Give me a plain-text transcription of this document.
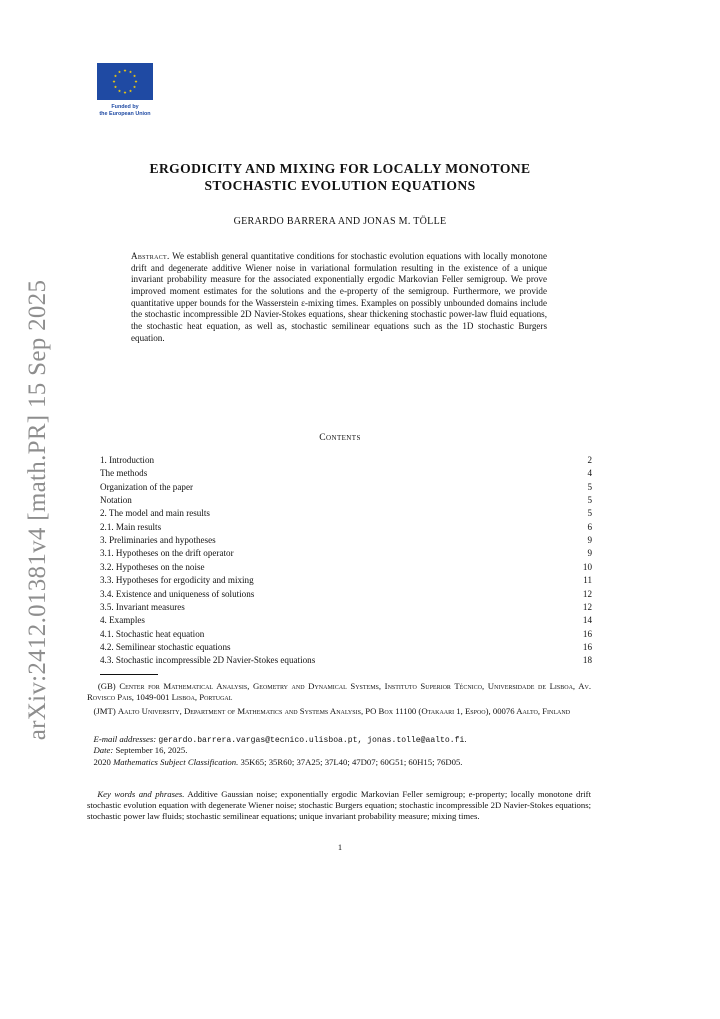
Funded by
the European Union
arXiv:2412.01381v4 [math.PR] 15 Sep 2025
ERGODICITY AND MIXING FOR LOCALLY MONOTONE
STOCHASTIC EVOLUTION EQUATIONS
GERARDO BARRERA AND JONAS M. TÖLLE
Abstract. We establish general quantitative conditions for stochastic evolution equations with locally monotone drift and degenerate additive Wiener noise in variational formulation resulting in the existence of a unique invariant probability measure for the associated exponentially ergodic Markovian Feller semigroup. We prove improved moment estimates for the solutions and the e-property of the semigroup. Furthermore, we provide quantitative upper bounds for the Wasserstein ε-mixing times. Examples on possibly unbounded domains include the stochastic incompressible 2D Navier-Stokes equations, shear thickening stochastic power-law fluid equations, the stochastic heat equation, as well as, stochastic semilinear equations such as the 1D stochastic Burgers equation.
Contents
1. Introduction	2
The methods	4
Organization of the paper	5
Notation	5
2. The model and main results	5
2.1. Main results	6
3. Preliminaries and hypotheses	9
3.1. Hypotheses on the drift operator	9
3.2. Hypotheses on the noise	10
3.3. Hypotheses for ergodicity and mixing	11
3.4. Existence and uniqueness of solutions	12
3.5. Invariant measures	12
4. Examples	14
4.1. Stochastic heat equation	16
4.2. Semilinear stochastic equations	16
4.3. Stochastic incompressible 2D Navier-Stokes equations	18
(GB) Center for Mathematical Analysis, Geometry and Dynamical Systems, Instituto Superior Técnico, Universidade de Lisboa, Av. Rovisco Pais, 1049-001 Lisboa, Portugal
(JMT) Aalto University, Department of Mathematics and Systems Analysis, PO Box 11100 (Otakaari 1, Espoo), 00076 Aalto, Finland
E-mail addresses: gerardo.barrera.vargas@tecnico.ulisboa.pt, jonas.tolle@aalto.fi.
Date: September 16, 2025.
2020 Mathematics Subject Classification. 35K65; 35R60; 37A25; 37L40; 47D07; 60G51; 60H15; 76D05.
Key words and phrases. Additive Gaussian noise; exponentially ergodic Markovian Feller semigroup; e-property; locally monotone drift stochastic evolution equation with degenerate Wiener noise; stochastic Burgers equation; stochastic incompressible 2D Navier-Stokes equations; stochastic power law fluids; stochastic semilinear equations; unique invariant probability measure; mixing times.
1
